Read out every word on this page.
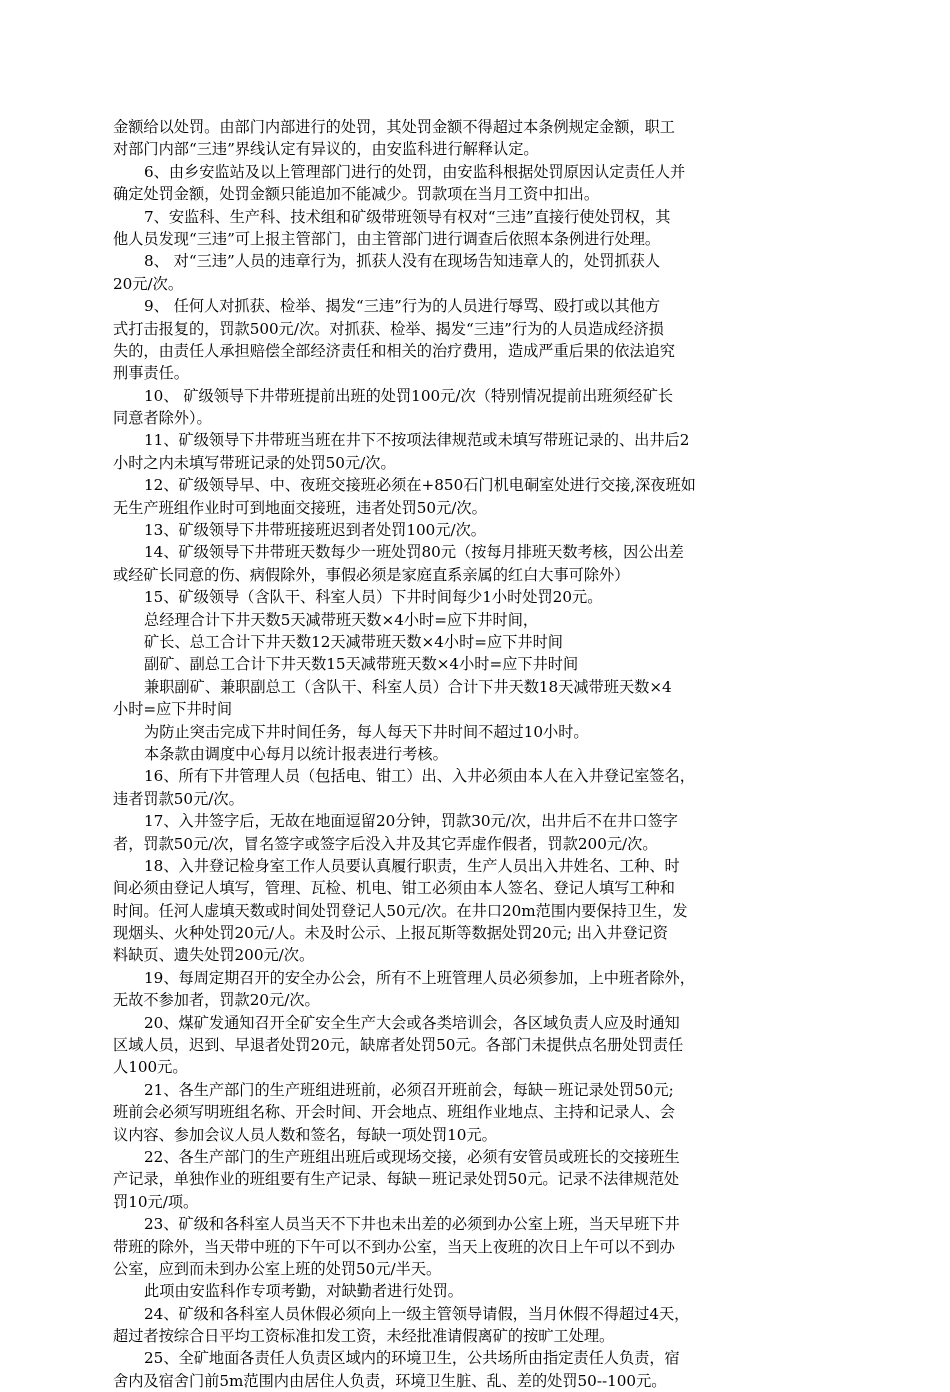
金额给以处罚。由部门内部进行的处罚，其处罚金额不得超过本条例规定金额，职工
对部门内部“三违”界线认定有异议的，由安监科进行解释认定。
6、由乡安监站及以上管理部门进行的处罚，由安监科根据处罚原因认定责任人并
确定处罚金额，处罚金额只能追加不能减少。罚款项在当月工资中扣出。
7、安监科、生产科、技术组和矿级带班领导有权对“三违”直接行使处罚权，其
他人员发现“三违”可上报主管部门，由主管部门进行调查后依照本条例进行处理。
8、 对“三违”人员的违章行为，抓获人没有在现场告知违章人的，处罚抓获人
20元/次。
9、 任何人对抓获、检举、揭发“三违”行为的人员进行辱骂、殴打或以其他方
式打击报复的，罚款500元/次。对抓获、检举、揭发“三违”行为的人员造成经济损
失的，由责任人承担赔偿全部经济责任和相关的治疗费用，造成严重后果的依法追究
刑事责任。
10、 矿级领导下井带班提前出班的处罚100元/次（特别情况提前出班须经矿长
同意者除外）。
11、矿级领导下井带班当班在井下不按项法律规范或未填写带班记录的、出井后2
小时之内未填写带班记录的处罚50元/次。
12、矿级领导早、中、夜班交接班必须在+850石门机电硐室处进行交接,深夜班如
无生产班组作业时可到地面交接班，违者处罚50元/次。
13、矿级领导下井带班接班迟到者处罚100元/次。
14、矿级领导下井带班天数每少一班处罚80元（按每月排班天数考核，因公出差
或经矿长同意的伤、病假除外，事假必须是家庭直系亲属的红白大事可除外）
15、矿级领导（含队干、科室人员）下井时间每少1小时处罚20元。
总经理合计下井天数5天减带班天数×4小时=应下井时间，
矿长、总工合计下井天数12天减带班天数×4小时=应下井时间
副矿、副总工合计下井天数15天减带班天数×4小时=应下井时间
兼职副矿、兼职副总工（含队干、科室人员）合计下井天数18天减带班天数×4
小时=应下井时间
为防止突击完成下井时间任务，每人每天下井时间不超过10小时。
本条款由调度中心每月以统计报表进行考核。
16、所有下井管理人员（包括电、钳工）出、入井必须由本人在入井登记室签名，
违者罚款50元/次。
17、入井签字后，无故在地面逗留20分钟，罚款30元/次，出井后不在井口签字
者，罚款50元/次，冒名签字或签字后没入井及其它弄虚作假者，罚款200元/次。
18、入井登记检身室工作人员要认真履行职责，生产人员出入井姓名、工种、时
间必须由登记人填写，管理、瓦检、机电、钳工必须由本人签名、登记人填写工种和
时间。任河人虚填天数或时间处罚登记人50元/次。在井口20m范围内要保持卫生，发
现烟头、火种处罚20元/人。未及时公示、上报瓦斯等数据处罚20元; 出入井登记资
料缺页、遗失处罚200元/次。
19、每周定期召开的安全办公会，所有不上班管理人员必须参加，上中班者除外，
无故不参加者，罚款20元/次。
20、煤矿发通知召开全矿安全生产大会或各类培训会，各区域负责人应及时通知
区域人员，迟到、早退者处罚20元，缺席者处罚50元。各部门未提供点名册处罚责任
人100元。
21、各生产部门的生产班组进班前，必须召开班前会，每缺－班记录处罚50元;
班前会必须写明班组名称、开会时间、开会地点、班组作业地点、主持和记录人、会
议内容、参加会议人员人数和签名，每缺一项处罚10元。
22、各生产部门的生产班组出班后或现场交接，必须有安管员或班长的交接班生
产记录，单独作业的班组要有生产记录、每缺－班记录处罚50元。记录不法律规范处
罚10元/项。
23、矿级和各科室人员当天不下井也未出差的必须到办公室上班，当天早班下井
带班的除外，当天带中班的下午可以不到办公室，当天上夜班的次日上午可以不到办
公室，应到而未到办公室上班的处罚50元/半天。
此项由安监科作专项考勤，对缺勤者进行处罚。
24、矿级和各科室人员休假必须向上一级主管领导请假，当月休假不得超过4天，
超过者按综合日平均工资标准扣发工资，未经批准请假离矿的按旷工处理。
25、全矿地面各责任人负责区域内的环境卫生，公共场所由指定责任人负责，宿
舍内及宿舍门前5m范围内由居住人负责，环境卫生脏、乱、差的处罚50--100元。
